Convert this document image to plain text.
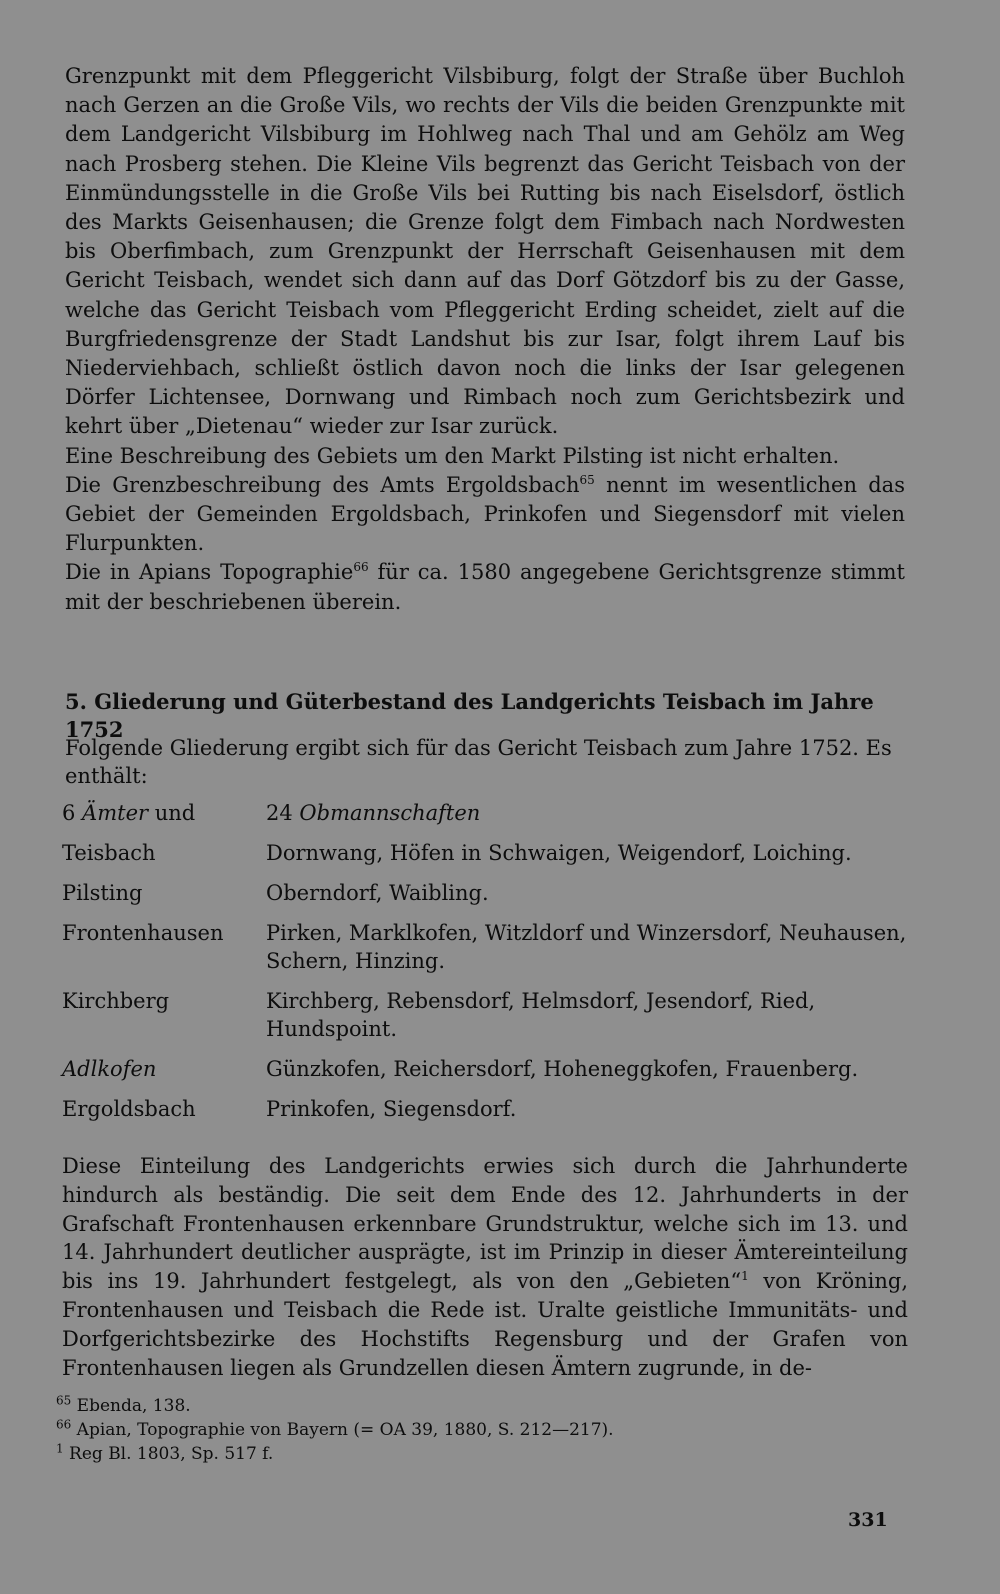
Grenzpunkt mit dem Pfleggericht Vilsbiburg, folgt der Straße über Buchloh nach Gerzen an die Große Vils, wo rechts der Vils die beiden Grenzpunkte mit dem Landgericht Vilsbiburg im Hohlweg nach Thal und am Gehölz am Weg nach Prosberg stehen. Die Kleine Vils begrenzt das Gericht Teisbach von der Einmündungsstelle in die Große Vils bei Rutting bis nach Eiselsdorf, östlich des Markts Geisenhausen; die Grenze folgt dem Fimbach nach Nordwesten bis Oberfimbach, zum Grenzpunkt der Herrschaft Geisenhausen mit dem Gericht Teisbach, wendet sich dann auf das Dorf Götzdorf bis zu der Gasse, welche das Gericht Teisbach vom Pfleggericht Erding scheidet, zielt auf die Burgfriedensgrenze der Stadt Landshut bis zur Isar, folgt ihrem Lauf bis Niederviehbach, schließt östlich davon noch die links der Isar gelegenen Dörfer Lichtensee, Dornwang und Rimbach noch zum Gerichtsbezirk und kehrt über „Dietenau“ wieder zur Isar zurück.

Eine Beschreibung des Gebiets um den Markt Pilsting ist nicht erhalten.

Die Grenzbeschreibung des Amts Ergoldsbach$^{65}$ nennt im wesentlichen das Gebiet der Gemeinden Ergoldsbach, Prinkofen und Siegensdorf mit vielen Flurpunkten.

Die in Apians Topographie$^{66}$ für ca. 1580 angegebene Gerichtsgrenze stimmt mit der beschriebenen überein.

5. Gliederung und Güterbestand des Landgerichts Teisbach im Jahre 1752
Folgende Gliederung ergibt sich für das Gericht Teisbach zum Jahre 1752. Es enthält:
6 Ämter und	24 Obmannschaften
Teisbach	Dornwang, Höfen in Schwaigen, Weigendorf, Loiching.
Pilsting	Oberndorf, Waibling.
Frontenhausen	Pirken, Marklkofen, Witzldorf und Winzersdorf, Neuhausen, Schern, Hinzing.
Kirchberg	Kirchberg, Rebensdorf, Helmsdorf, Jesendorf, Ried, Hundspoint.
Adlkofen	Günzkofen, Reichersdorf, Hoheneggkofen, Frauenberg.
Ergoldsbach	Prinkofen, Siegensdorf.

Diese Einteilung des Landgerichts erwies sich durch die Jahrhunderte hindurch als beständig. Die seit dem Ende des 12. Jahrhunderts in der Grafschaft Frontenhausen erkennbare Grundstruktur, welche sich im 13. und 14. Jahrhundert deutlicher ausprägte, ist im Prinzip in dieser Ämtereinteilung bis ins 19. Jahrhundert festgelegt, als von den „Gebieten“$^1$ von Kröning, Frontenhausen und Teisbach die Rede ist. Uralte geistliche Immunitäts- und Dorfgerichtsbezirke des Hochstifts Regensburg und der Grafen von Frontenhausen liegen als Grundzellen diesen Ämtern zugrunde, in de-

$^{65}$ Ebenda, 138.
$^{66}$ Apian, Topographie von Bayern (= OA 39, 1880, S. 212—217).
$^1$ Reg Bl. 1803, Sp. 517 f.
331
